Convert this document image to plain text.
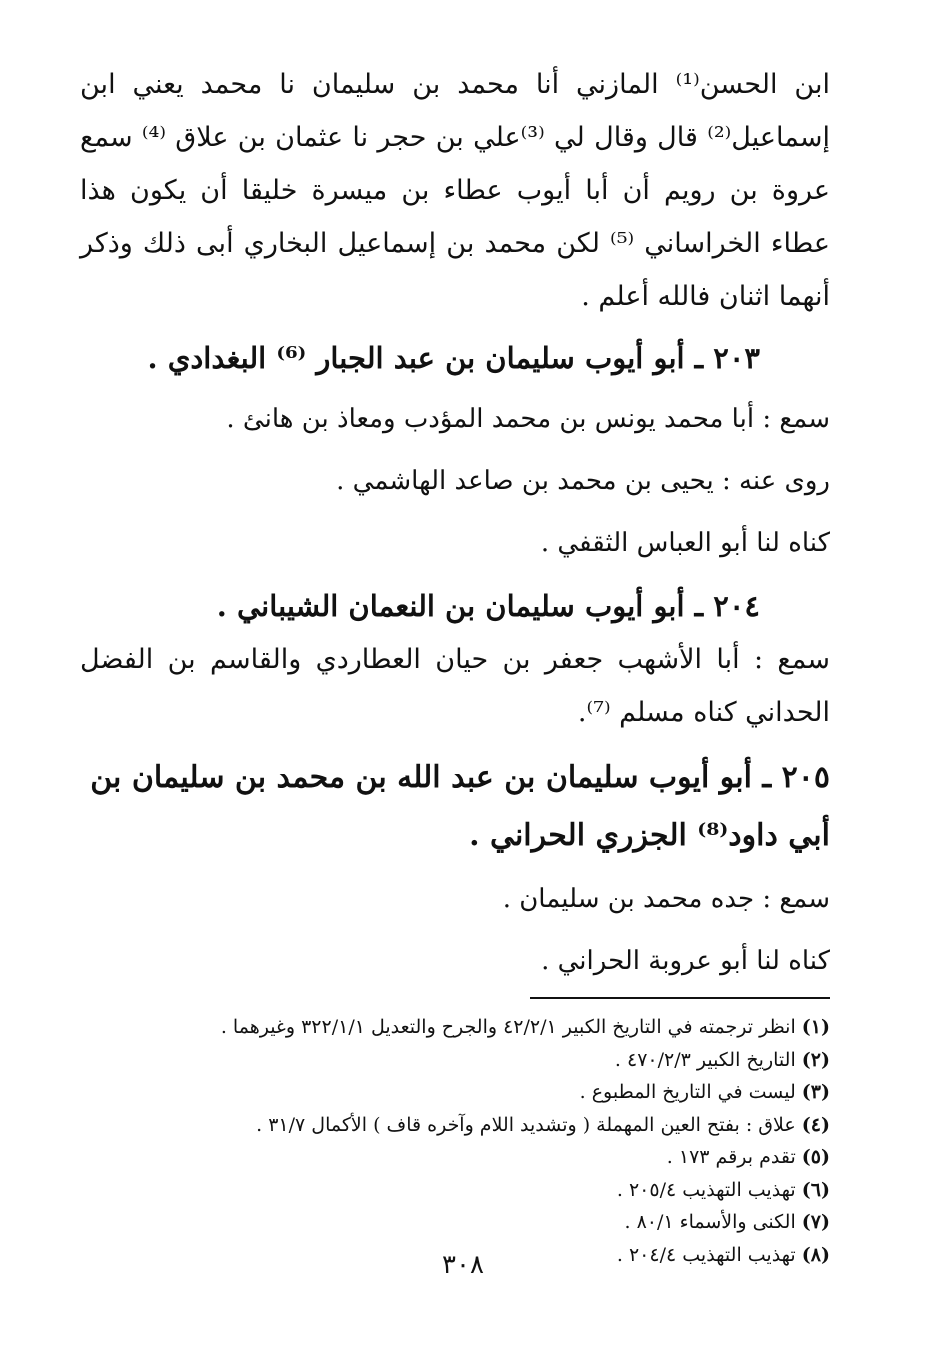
ابن الحسن⁽¹⁾ المازني أنا محمد بن سليمان نا محمد يعني ابن إسماعيل⁽²⁾ قال وقال لي ⁽³⁾علي بن حجر نا عثمان بن علاق ⁽⁴⁾ سمع عروة بن رويم أن أبا أيوب عطاء بن ميسرة خليقا أن يكون هذا عطاء الخراساني ⁽⁵⁾ لكن محمد بن إسماعيل البخاري أبى ذلك وذكر أنهما اثنان فالله أعلم .

٢٠٣ ـ أبو أيوب سليمان بن عبد الجبار ⁽⁶⁾ البغدادي .

سمع : أبا محمد يونس بن محمد المؤدب ومعاذ بن هانئ .

روى عنه : يحيى بن محمد بن صاعد الهاشمي .

كناه لنا أبو العباس الثقفي .

٢٠٤ ـ أبو أيوب سليمان بن النعمان الشيباني .

سمع : أبا الأشهب جعفر بن حيان العطاردي والقاسم بن الفضل الحداني كناه مسلم ⁽⁷⁾.

٢٠٥ ـ أبو أيوب سليمان بن عبد الله بن محمد بن سليمان بن أبي داود⁽⁸⁾ الجزري الحراني .

سمع : جده محمد بن سليمان .

كناه لنا أبو عروبة الحراني .

(١) انظر ترجمته في التاريخ الكبير ٤٢/٢/١ والجرح والتعديل ٣٢٢/١/١ وغيرهما .

(٢) التاريخ الكبير ٤٧٠/٢/٣ .

(٣) ليست في التاريخ المطبوع .

(٤) علاق : بفتح العين المهملة ( وتشديد اللام وآخره قاف ) الأكمال ٣١/٧ .

(٥) تقدم برقم ١٧٣ .

(٦) تهذيب التهذيب ٢٠٥/٤ .

(٧) الكنى والأسماء ٨٠/١ .

(٨) تهذيب التهذيب ٢٠٤/٤ .

٣٠٨
